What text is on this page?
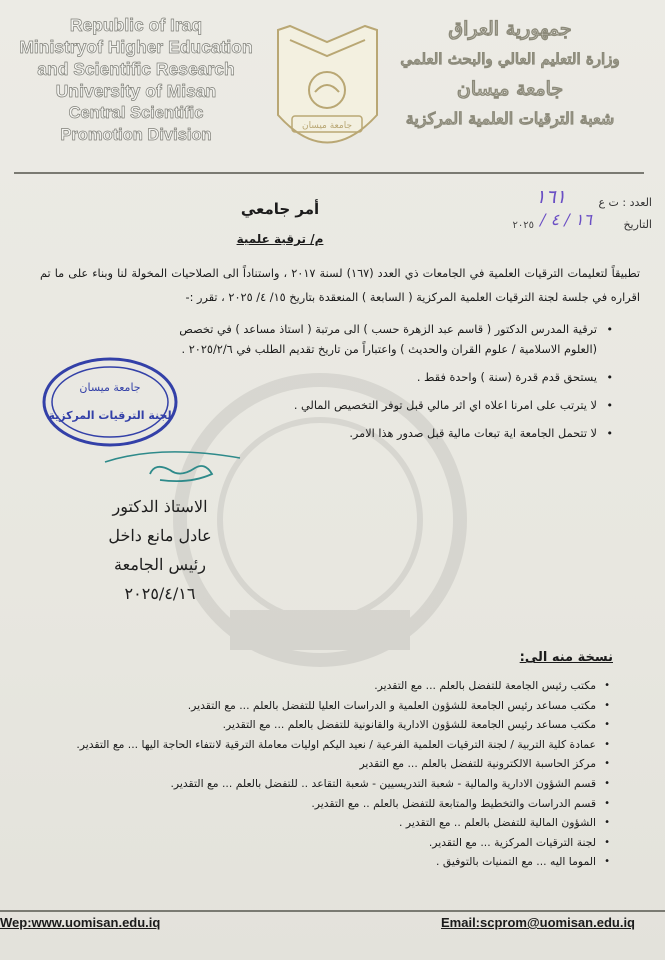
Republic of Iraq
Ministryof Higher Education
and Scientific Research
University of Misan
Central Scientific
Promotion Division	جامعة ميسان
جمهورية العراق
وزارة التعليم العالي والبحث العلمي
جامعة ميسان
شعبة الترقيات العلمية المركزية
العدد : ت ع
١٦١
التاريخ
١٦ / ٤ /
٢٠٢٥
أمر جامعي
م/ ترقية علمية

تطبيقاً لتعليمات الترقيات العلمية في الجامعات ذي العدد (١٦٧) لسنة ٢٠١٧ ، واستناداً الى الصلاحيات المخولة لنا وبناء على ما تم اقراره في جلسة لجنة الترقيات العلمية المركزية ( السابعة ) المنعقدة بتاريخ ١٥/ ٤/ ٢٠٢٥ ، تقرر :-

• ترقية المدرس الدكتور ( قاسم عبد الزهرة حسب ) الى مرتبة ( استاذ مساعد ) في تخصص (العلوم الاسلامية / علوم القران والحديث ) واعتباراً من تاريخ تقديم الطلب في ٢٠٢٥/٢/٦ .
• يستحق قدم قدرة (سنة ) واحدة فقط .
• لا يترتب على امرنا اعلاه اي اثر مالي قبل توفر التخصيص المالي .
• لا تتحمل الجامعة اية تبعات مالية قبل صدور هذا الامر.
جامعة ميسان
لجنة الترقيات المركزية
الاستاذ الدكتور
عادل مانع داخل
رئيس الجامعة
٢٠٢٥/٤/١٦
نسخة منه الى:
• مكتب رئيس الجامعة للتفضل بالعلم ... مع التقدير.
• مكتب مساعد رئيس الجامعة للشؤون العلمية و الدراسات العليا للتفضل بالعلم ... مع التقدير.
• مكتب مساعد رئيس الجامعة للشؤون الادارية والقانونية للتفضل بالعلم ... مع التقدير.
• عمادة كلية التربية / لجنة الترقيات العلمية الفرعية / نعيد اليكم اوليات معاملة الترقية لانتفاء الحاجة اليها ... مع التقدير.
• مركز الحاسبة الالكترونية للتفضل بالعلم ... مع التقدير
• قسم الشؤون الادارية والمالية - شعبة التدريسيين - شعبة التقاعد .. للتفضل بالعلم ... مع التقدير.
• قسم الدراسات والتخطيط والمتابعة للتفضل بالعلم .. مع التقدير.
• الشؤون المالية للتفضل بالعلم .. مع التقدير .
• لجنة الترقيات المركزية ... مع التقدير.
• الموما اليه ... مع التمنيات بالتوفيق .
Wep:www.uomisan.edu.iq	Email:scprom@uomisan.edu.iq
